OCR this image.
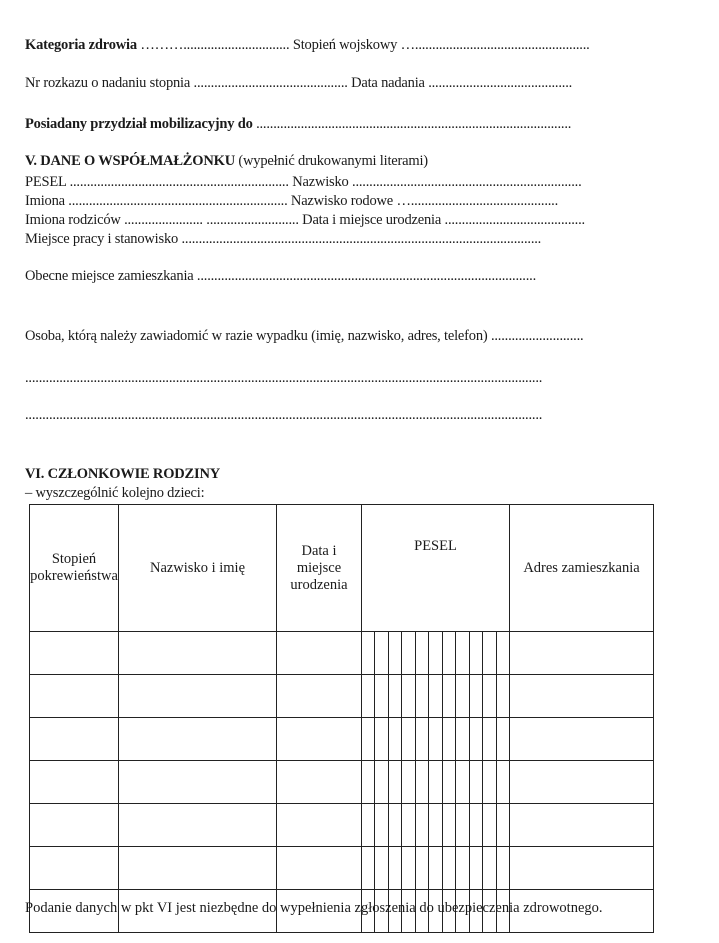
Kategoria zdrowia ………............................... Stopień wojskowy …...................................................
Nr rozkazu o nadaniu stopnia ............................................. Data nadania ..........................................
Posiadany przydział mobilizacyjny do ............................................................................................
V. DANE O WSPÓŁMAŁŻONKU (wypełnić drukowanymi literami)
PESEL ................................................................ Nazwisko ...................................................................
Imiona ................................................................ Nazwisko rodowe …...........................................
Imiona rodziców ....................... ........................... Data i miejsce urodzenia .........................................
Miejsce pracy i stanowisko .........................................................................................................
Obecne miejsce zamieszkania ...................................................................................................
Osoba, którą należy zawiadomić w razie wypadku (imię, nazwisko, adres, telefon) ...........................
.......................................................................................................................................................
.......................................................................................................................................................
VI. CZŁONKOWIE RODZINY
– wyszczególnić kolejno dzieci:
Stopień pokrewieństwa	Nazwisko i imię	Data i miejsce urodzenia	PESEL	Adres zamieszkania

Podanie danych w pkt VI jest niezbędne do wypełnienia zgłoszenia do ubezpieczenia zdrowotnego.
